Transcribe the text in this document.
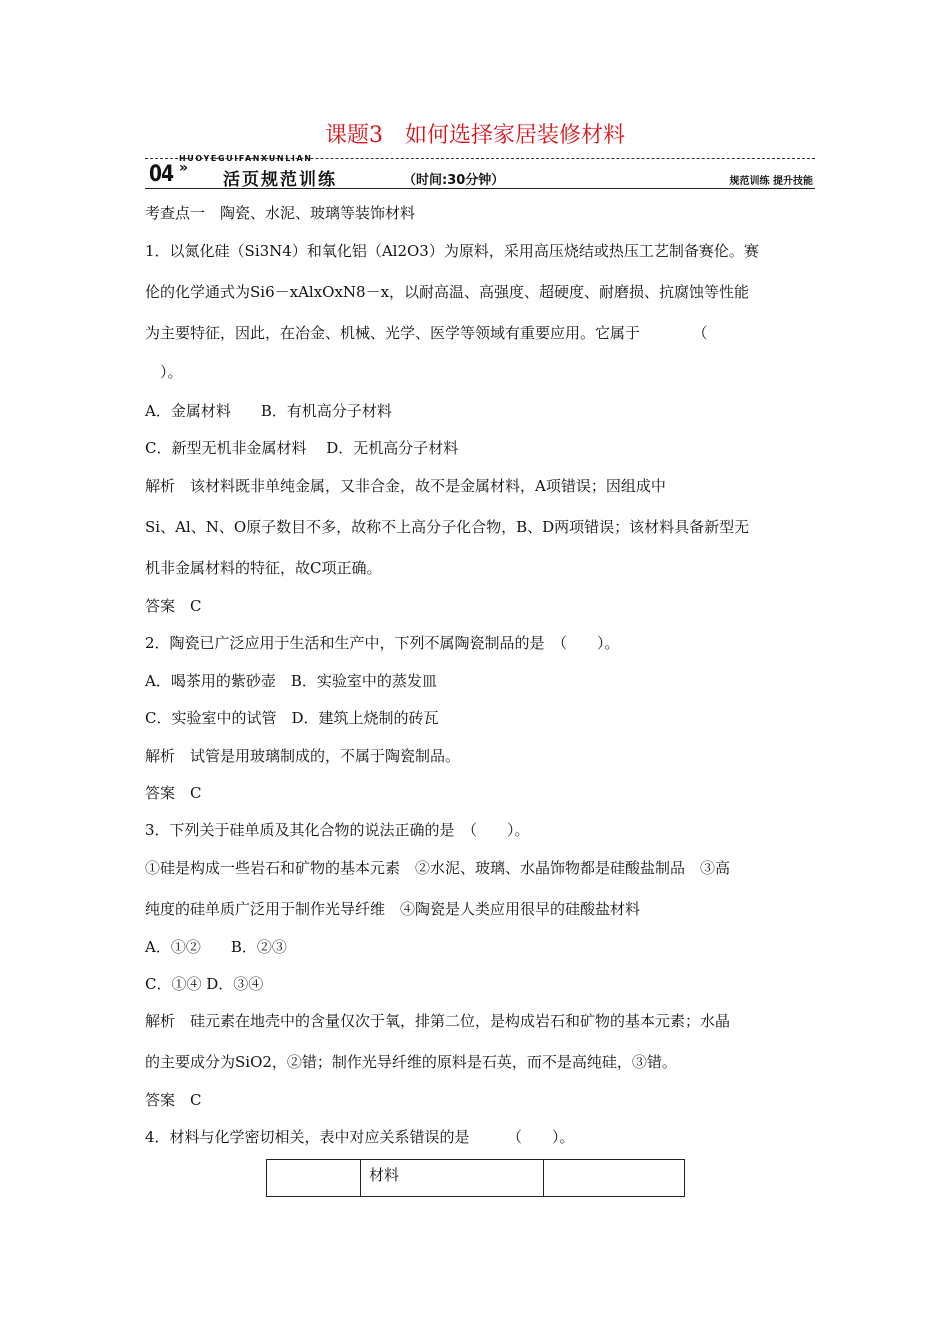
课题3　如何选择家居装修材料
HUOYEGUIFANXUNLIAN
04 »
活页规范训练	（时间:30分钟）	规范训练 提升技能
考查点一　陶瓷、水泥、玻璃等装饰材料
1．以氮化硅（Si3N4）和氧化铝（Al2O3）为原料，采用高压烧结或热压工艺制备赛伦。赛
伦的化学通式为Si6－xAlxOxN8－x，以耐高温、高强度、超硬度、耐磨损、抗腐蚀等性能
为主要特征，因此，在冶金、机械、光学、医学等领域有重要应用。它属于　　　　（
）。
A．金属材料　　B．有机高分子材料
C．新型无机非金属材料　 D．无机高分子材料
解析　该材料既非单纯金属，又非合金，故不是金属材料，A项错误；因组成中
Si、Al、N、O原子数目不多，故称不上高分子化合物，B、D两项错误；该材料具备新型无
机非金属材料的特征，故C项正确。
答案　C
2．陶瓷已广泛应用于生活和生产中，下列不属陶瓷制品的是　（　　）。
A．喝茶用的紫砂壶　B．实验室中的蒸发皿
C．实验室中的试管　D．建筑上烧制的砖瓦
解析　试管是用玻璃制成的，不属于陶瓷制品。
答案　C
3．下列关于硅单质及其化合物的说法正确的是　（　　）。
①硅是构成一些岩石和矿物的基本元素　②水泥、玻璃、水晶饰物都是硅酸盐制品　③高
纯度的硅单质广泛用于制作光导纤维　④陶瓷是人类应用很早的硅酸盐材料
A．①②　　B．②③
C．①④ D．③④
解析　硅元素在地壳中的含量仅次于氧，排第二位，是构成岩石和矿物的基本元素；水晶
的主要成分为SiO2，②错；制作光导纤维的原料是石英，而不是高纯硅，③错。
答案　C
4．材料与化学密切相关，表中对应关系错误的是　　　（　　）。
	材料	
